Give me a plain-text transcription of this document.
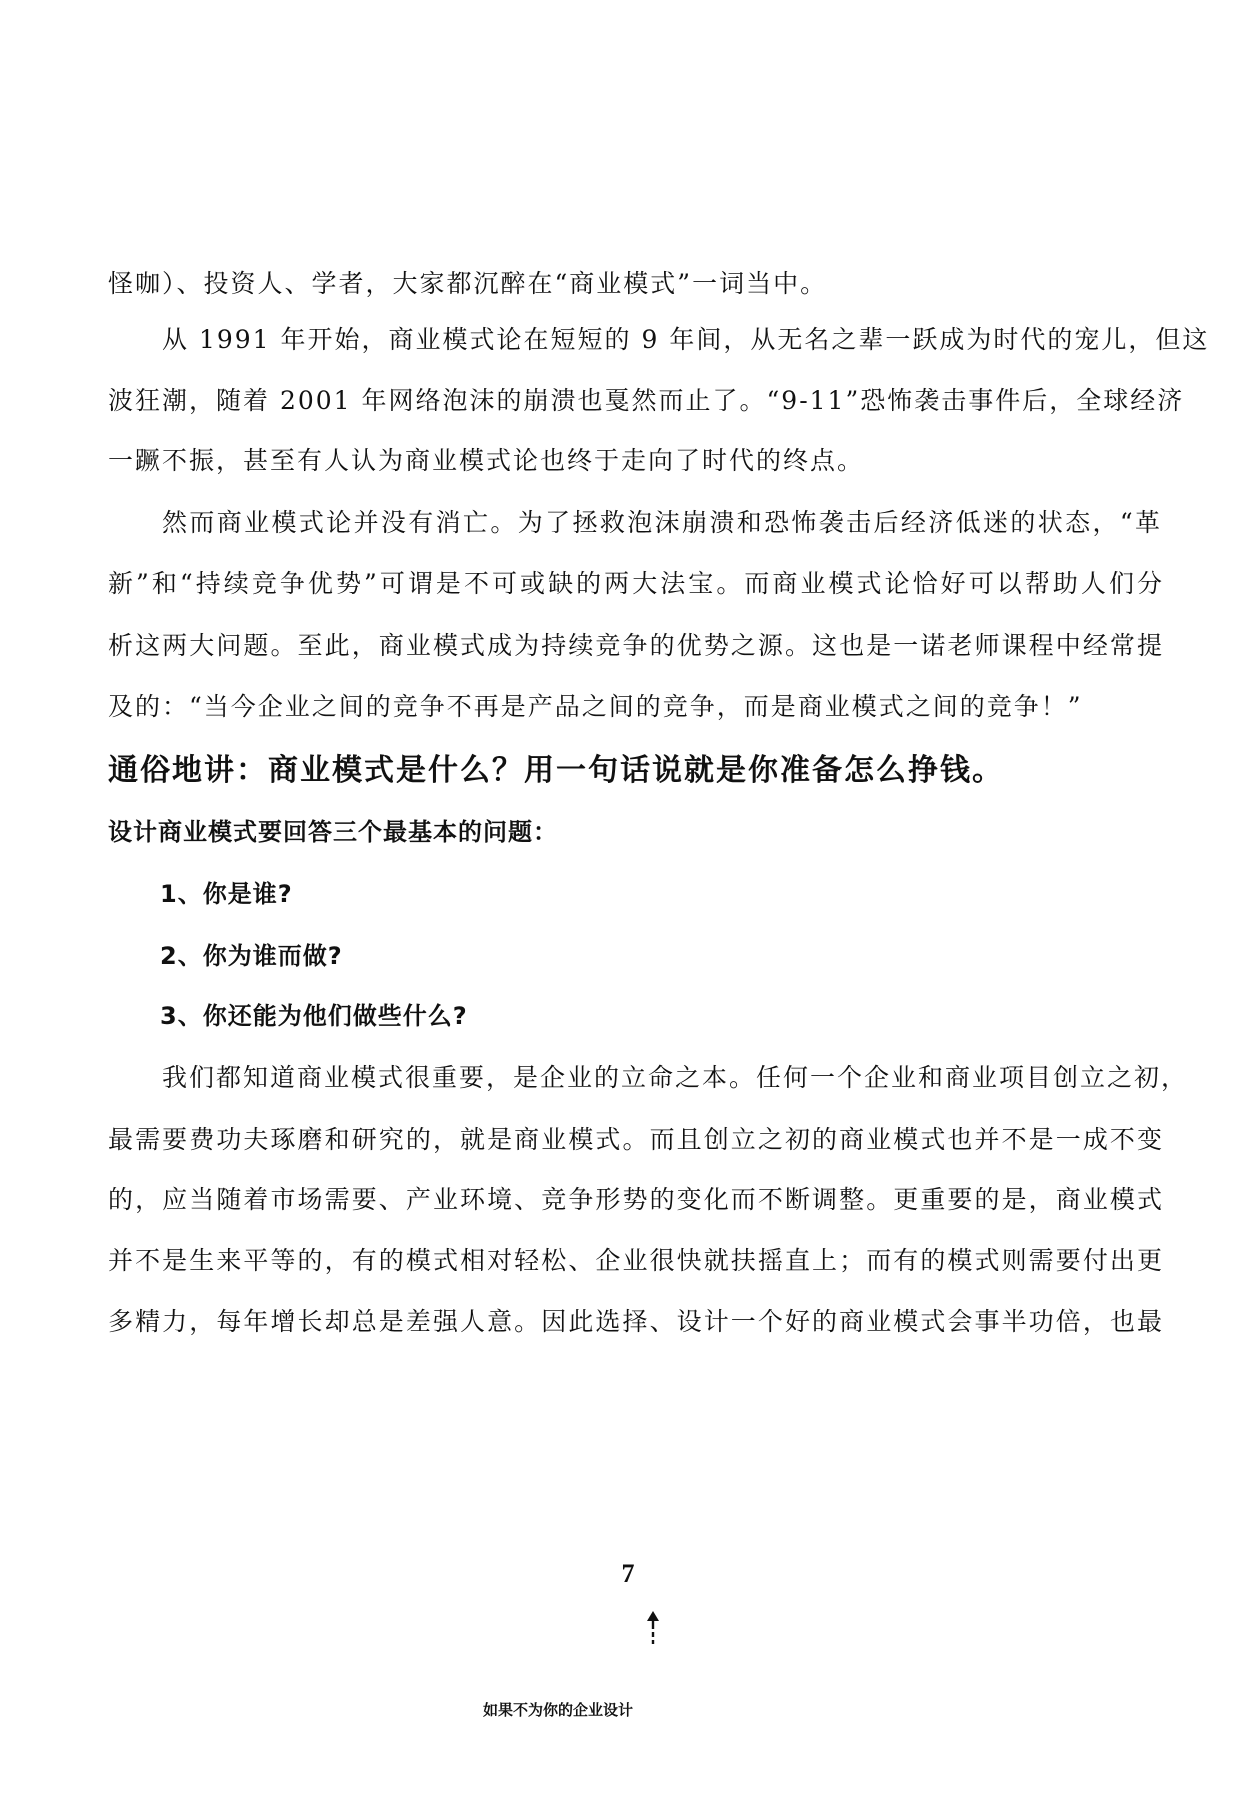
怪咖）、投资人、学者，大家都沉醉在“商业模式”一词当中。
从 1991 年开始，商业模式论在短短的 9 年间，从无名之辈一跃成为时代的宠儿，但这
波狂潮，随着 2001 年网络泡沫的崩溃也戛然而止了。“9-11”恐怖袭击事件后，全球经济
一蹶不振，甚至有人认为商业模式论也终于走向了时代的终点。
然而商业模式论并没有消亡。为了拯救泡沫崩溃和恐怖袭击后经济低迷的状态，“革
新”和“持续竞争优势”可谓是不可或缺的两大法宝。而商业模式论恰好可以帮助人们分
析这两大问题。至此，商业模式成为持续竞争的优势之源。这也是一诺老师课程中经常提
及的：“当今企业之间的竞争不再是产品之间的竞争，而是商业模式之间的竞争！”
通俗地讲：商业模式是什么？用一句话说就是你准备怎么挣钱。
设计商业模式要回答三个最基本的问题：
1、你是谁?
2、你为谁而做?
3、你还能为他们做些什么?
我们都知道商业模式很重要，是企业的立命之本。任何一个企业和商业项目创立之初，
最需要费功夫琢磨和研究的，就是商业模式。而且创立之初的商业模式也并不是一成不变
的，应当随着市场需要、产业环境、竞争形势的变化而不断调整。更重要的是，商业模式
并不是生来平等的，有的模式相对轻松、企业很快就扶摇直上；而有的模式则需要付出更
多精力，每年增长却总是差强人意。因此选择、设计一个好的商业模式会事半功倍，也最
7
如果不为你的企业设计
